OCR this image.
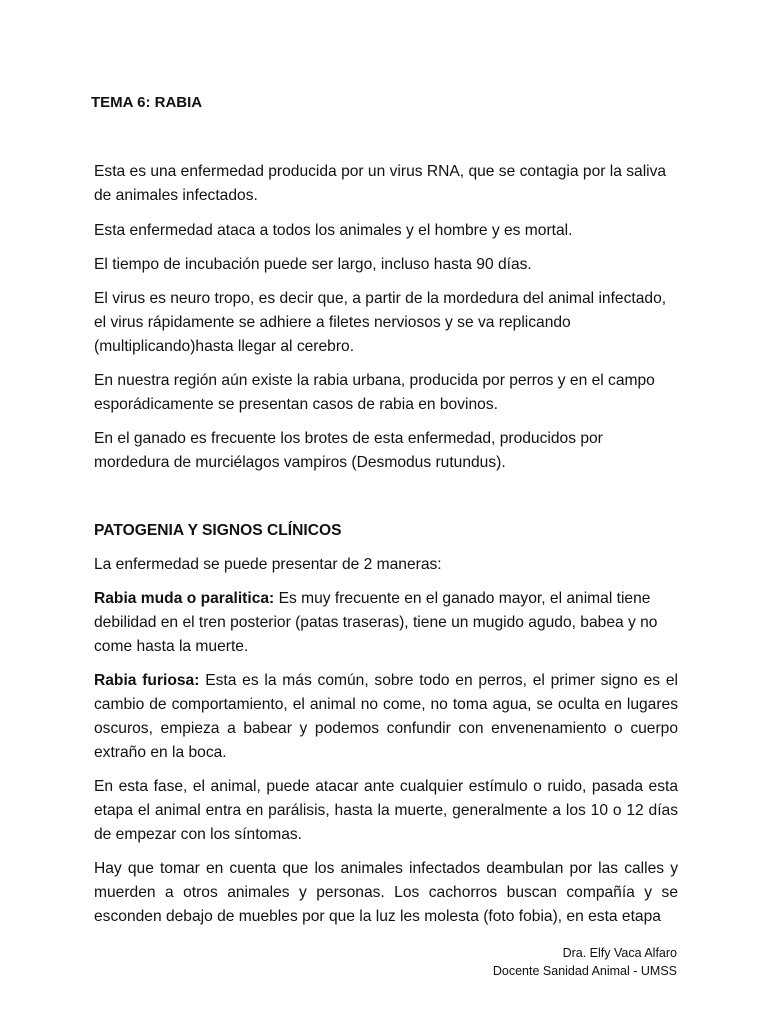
TEMA 6: RABIA

Esta es una enfermedad producida por un virus RNA, que se contagia por la saliva de animales infectados.

Esta enfermedad ataca a todos los animales y el hombre y es mortal.

El tiempo de incubación puede ser largo, incluso hasta 90 días.

El virus es neuro tropo, es decir que, a partir de la mordedura del animal infectado, el virus rápidamente se adhiere a filetes nerviosos y se va replicando (multiplicando)hasta llegar al cerebro.

En nuestra región aún existe la rabia urbana, producida por perros y en el campo esporádicamente se presentan casos de rabia en bovinos.

En el ganado es frecuente los brotes de esta enfermedad, producidos por mordedura de murciélagos vampiros (Desmodus rutundus).

PATOGENIA Y SIGNOS CLÍNICOS

La enfermedad se puede presentar de 2 maneras:

Rabia muda o paralitica: Es muy frecuente en el ganado mayor, el animal tiene debilidad en el tren posterior (patas traseras), tiene un mugido agudo, babea y no come hasta la muerte.

Rabia furiosa: Esta es la más común, sobre todo en perros, el primer signo es el cambio de comportamiento, el animal no come, no toma agua, se oculta en lugares oscuros, empieza a babear y podemos confundir con envenenamiento o cuerpo extraño en la boca.

En esta fase, el animal, puede atacar ante cualquier estímulo o ruido, pasada esta etapa el animal entra en parálisis, hasta la muerte, generalmente a los 10 o 12 días de empezar con los síntomas.

Hay que tomar en cuenta que los animales infectados deambulan por las calles y muerden a otros animales y personas. Los cachorros buscan compañía y se esconden debajo de muebles por que la luz les molesta (foto fobia), en esta etapa

Dra. Elfy Vaca Alfaro
Docente Sanidad Animal - UMSS
